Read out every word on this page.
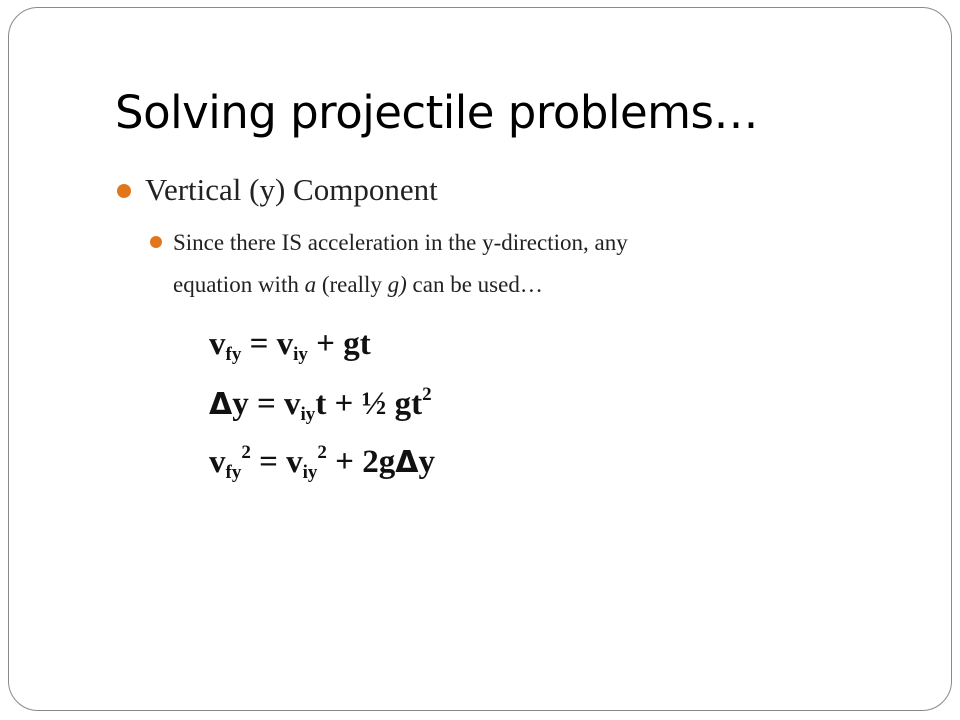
Solving projectile problems…
Vertical (y) Component
Since there IS acceleration in the y-direction, any
equation with a (really g) can be used…
$v_{fy} = v_{iy}$ + gt
$\Delta y = v_{iy}t$ + ½ $gt^2$
$v_{fy}^2 = v_{iy}^2 + 2g\Delta y$
